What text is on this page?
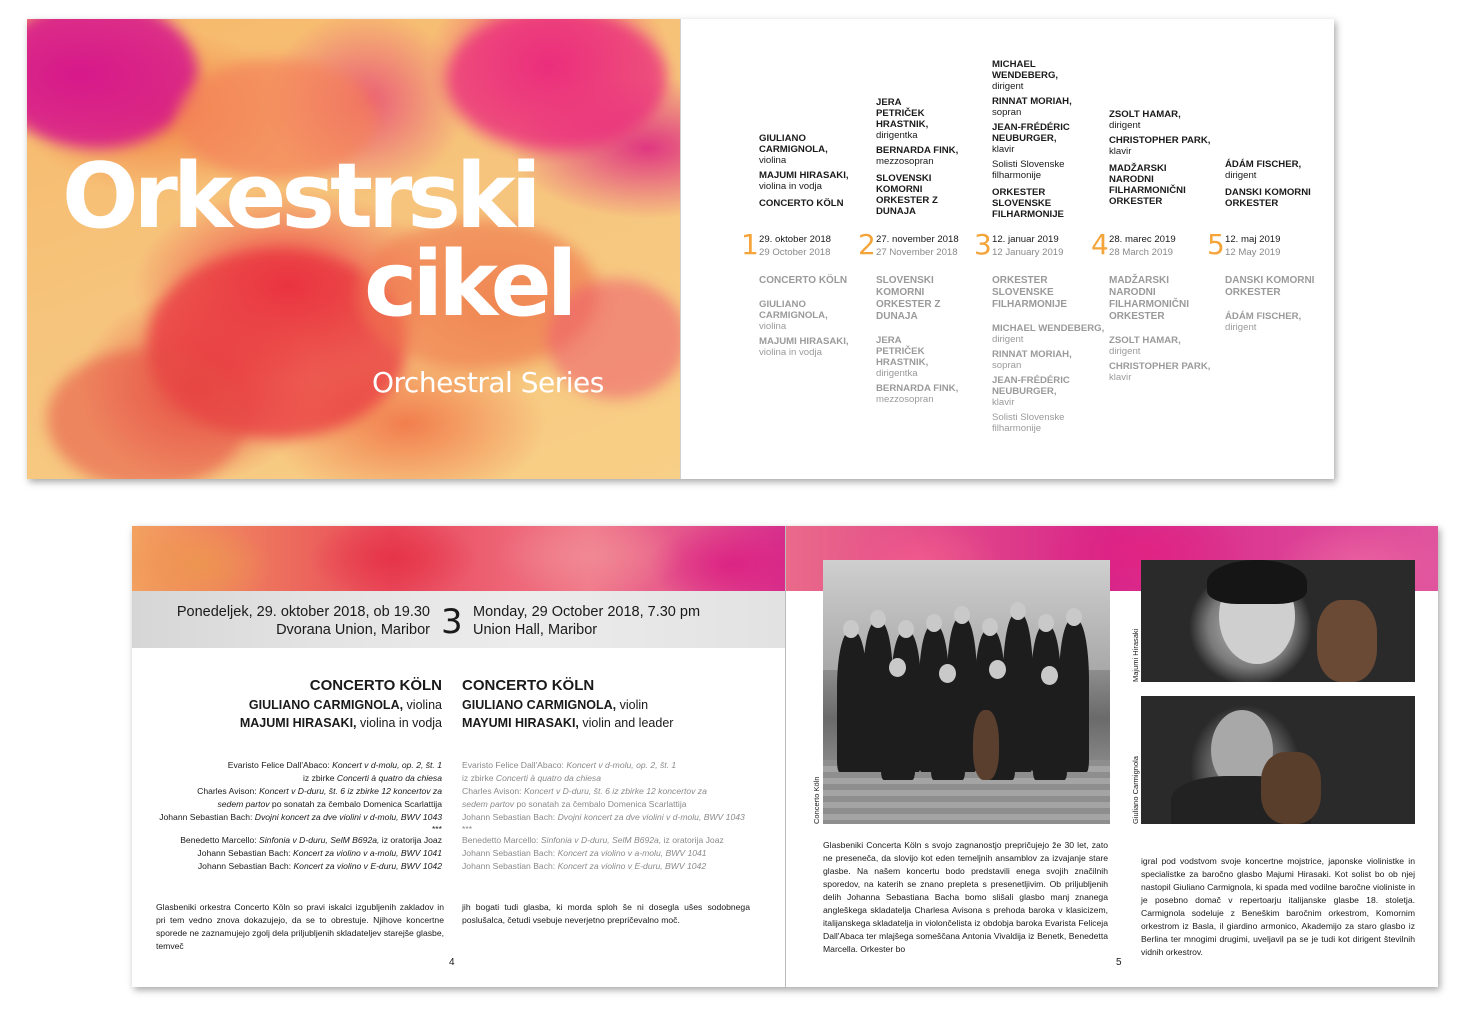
Orkestrski
cikel
Orchestral Series
GIULIANO CARMIGNOLA,
violina
MAJUMI HIRASAKI,
violina in vodja
CONCERTO KÖLN
1 29. oktober 2018
29 October 2018
CONCERTO KÖLN
GIULIANO CARMIGNOLA,
violina
MAJUMI HIRASAKI,
violina in vodja
JERA PETRIČEK HRASTNIK,
dirigentka
BERNARDA FINK,
mezzosopran
SLOVENSKI KOMORNI ORKESTER Z DUNAJA
2 27. november 2018
27 November 2018
SLOVENSKI KOMORNI ORKESTER Z DUNAJA
JERA PETRIČEK HRASTNIK,
dirigentka
BERNARDA FINK,
mezzosopran
MICHAEL WENDEBERG,
dirigent
RINNAT MORIAH,
sopran
JEAN-FRÉDÉRIC NEUBURGER,
klavir
Solisti Slovenske filharmonije
ORKESTER SLOVENSKE FILHARMONIJE
3 12. januar 2019
12 January 2019
ORKESTER SLOVENSKE FILHARMONIJE
MICHAEL WENDEBERG,
dirigent
RINNAT MORIAH,
sopran
JEAN-FRÉDÉRIC NEUBURGER,
klavir
Solisti Slovenske filharmonije
ZSOLT HAMAR,
dirigent
CHRISTOPHER PARK,
klavir
MADŽARSKI NARODNI FILHARMONIČNI ORKESTER
4 28. marec 2019
28 March 2019
MADŽARSKI NARODNI FILHARMONIČNI ORKESTER
ZSOLT HAMAR,
dirigent
CHRISTOPHER PARK,
klavir
ÁDÁM FISCHER,
dirigent
DANSKI KOMORNI ORKESTER
5 12. maj 2019
12 May 2019
DANSKI KOMORNI ORKESTER
ÁDÁM FISCHER,
dirigent
Ponedeljek, 29. oktober 2018, ob 19.30
Dvorana Union, Maribor 3 Monday, 29 October 2018, 7.30 pm
Union Hall, Maribor
CONCERTO KÖLN
GIULIANO CARMIGNOLA, violina
MAJUMI HIRASAKI, violina in vodja
CONCERTO KÖLN
GIULIANO CARMIGNOLA, violin
MAYUMI HIRASAKI, violin and leader
Evaristo Felice Dall'Abaco: Koncert v d-molu, op. 2, št. 1
iz zbirke Concerti à quatro da chiesa
Charles Avison: Koncert v D-duru, št. 6 iz zbirke 12 koncertov za
sedem partov po sonatah za čembalo Domenica Scarlattija
Johann Sebastian Bach: Dvojni koncert za dve violini v d-molu, BWV 1043
***
Benedetto Marcello: Sinfonia v D-duru, SelM B692a, iz oratorija Joaz
Johann Sebastian Bach: Koncert za violino v a-molu, BWV 1041
Johann Sebastian Bach: Koncert za violino v E-duru, BWV 1042
Evaristo Felice Dall'Abaco: Koncert v d-molu, op. 2, št. 1
iz zbirke Concerti à quatro da chiesa
Charles Avison: Koncert v D-duru, št. 6 iz zbirke 12 koncertov za
sedem partov po sonatah za čembalo Domenica Scarlattija
Johann Sebastian Bach: Dvojni koncert za dve violini v d-molu, BWV 1043
***
Benedetto Marcello: Sinfonia v D-duru, SelM B692a, iz oratorija Joaz
Johann Sebastian Bach: Koncert za violino v a-molu, BWV 1041
Johann Sebastian Bach: Koncert za violino v E-duru, BWV 1042
Glasbeniki orkestra Concerto Köln so pravi iskalci izgubljenih zakladov in pri tem vedno znova dokazujejo, da se to obrestuje. Njihove koncertne sporede ne zaznamujejo zgolj dela priljubljenih skladateljev starejše glasbe, temveč
jih bogati tudi glasba, ki morda sploh še ni dosegla ušes sodobnega poslušalca, četudi vsebuje neverjetno prepričevalno moč.
4
Concerto Köln
Majumi Hirasaki
Giuliano Carmignola
Glasbeniki Concerta Köln s svojo zagnanostjo prepričujejo že 30 let, zato ne preseneča, da slovijo kot eden temeljnih ansamblov za izvajanje stare glasbe. Na našem koncertu bodo predstavili enega svojih značilnih sporedov, na katerih se znano prepleta s presenetljivim. Ob priljubljenih delih Johanna Sebastiana Bacha bomo slišali glasbo manj znanega angleškega skladatelja Charlesa Avisona s prehoda baroka v klasicizem, italijanskega skladatelja in violončelista iz obdobja baroka Evarista Feliceja Dall'Abaca ter mlajšega someščana Antonia Vivaldija iz Benetk, Benedetta Marcella. Orkester bo
igral pod vodstvom svoje koncertne mojstrice, japonske violinistke in specialistke za baročno glasbo Majumi Hirasaki. Kot solist bo ob njej nastopil Giuliano Carmignola, ki spada med vodilne baročne violiniste in je posebno domač v repertoarju italijanske glasbe 18. stoletja. Carmignola sodeluje z Beneškim baročnim orkestrom, Komornim orkestrom iz Basla, il giardino armonico, Akademijo za staro glasbo iz Berlina ter mnogimi drugimi, uveljavil pa se je tudi kot dirigent številnih vidnih orkestrov.
5
